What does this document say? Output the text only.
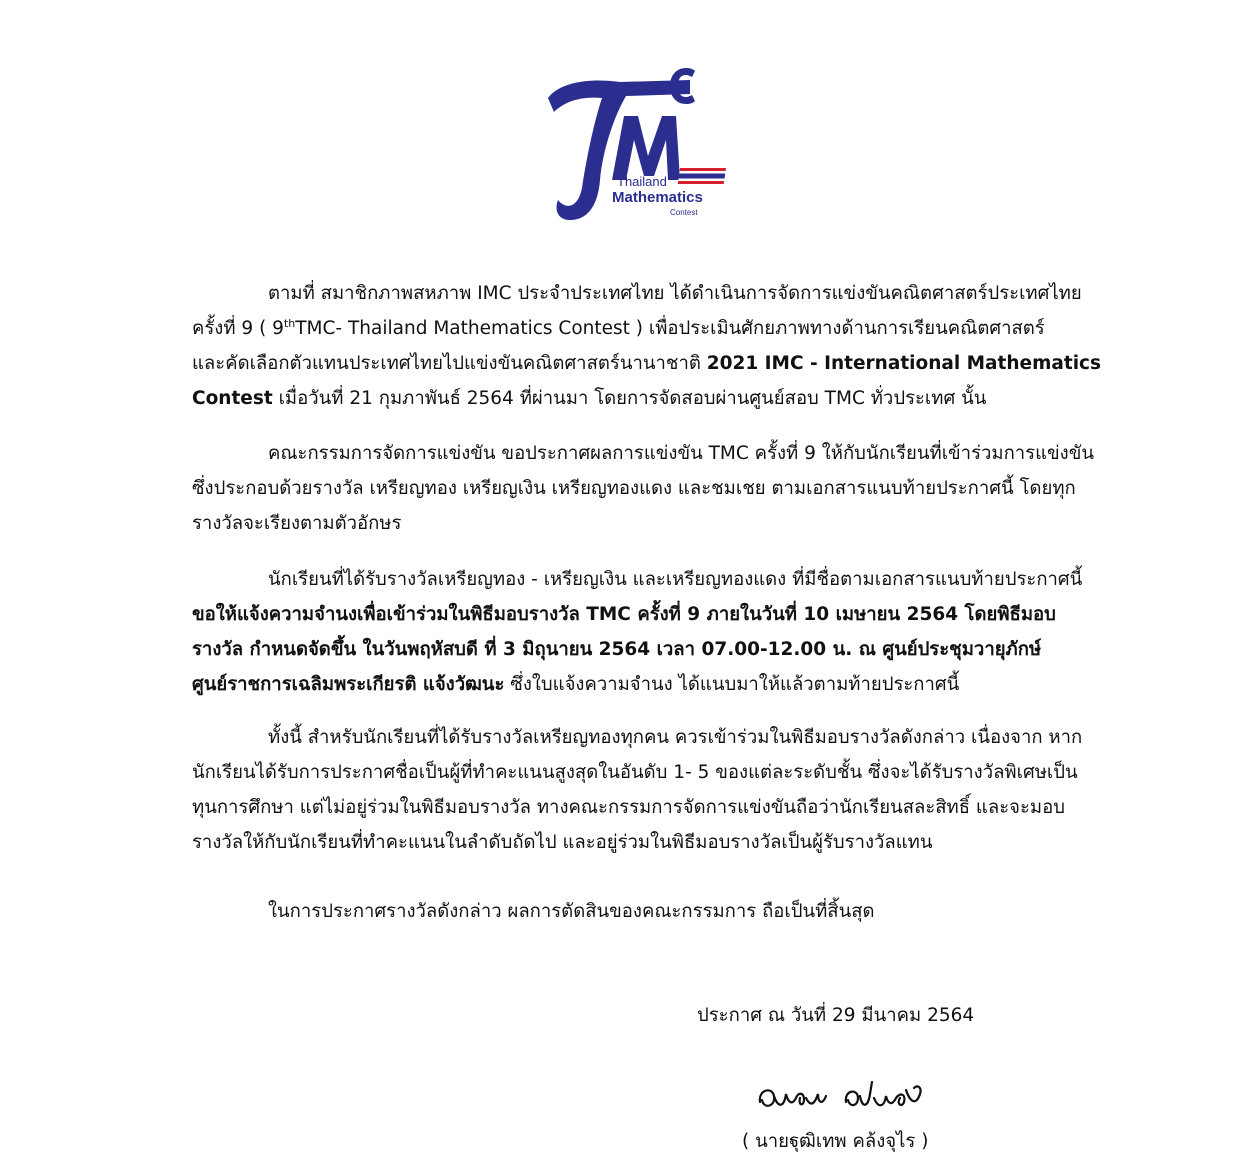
Thailand
Mathematics
Contest
ตามที่ สมาชิกภาพสหภาพ IMC ประจำประเทศไทย ได้ดำเนินการจัดการแข่งขันคณิตศาสตร์ประเทศไทย
ครั้งที่ 9 ( 9thTMC- Thailand Mathematics Contest ) เพื่อประเมินศักยภาพทางด้านการเรียนคณิตศาสตร์
และคัดเลือกตัวแทนประเทศไทยไปแข่งขันคณิตศาสตร์นานาชาติ 2021 IMC - International Mathematics
Contest เมื่อวันที่ 21 กุมภาพันธ์ 2564 ที่ผ่านมา โดยการจัดสอบผ่านศูนย์สอบ TMC ทั่วประเทศ นั้น
คณะกรรมการจัดการแข่งขัน ขอประกาศผลการแข่งขัน TMC ครั้งที่ 9 ให้กับนักเรียนที่เข้าร่วมการแข่งขัน
ซึ่งประกอบด้วยรางวัล เหรียญทอง เหรียญเงิน เหรียญทองแดง และชมเชย ตามเอกสารแนบท้ายประกาศนี้ โดยทุก
รางวัลจะเรียงตามตัวอักษร
นักเรียนที่ได้รับรางวัลเหรียญทอง - เหรียญเงิน และเหรียญทองแดง ที่มีชื่อตามเอกสารแนบท้ายประกาศนี้
ขอให้แจ้งความจำนงเพื่อเข้าร่วมในพิธีมอบรางวัล TMC ครั้งที่ 9 ภายในวันที่ 10 เมษายน 2564 โดยพิธีมอบ
รางวัล กำหนดจัดขึ้น ในวันพฤหัสบดี ที่ 3 มิถุนายน 2564 เวลา 07.00-12.00 น. ณ ศูนย์ประชุมวายุภักษ์
ศูนย์ราชการเฉลิมพระเกียรติ แจ้งวัฒนะ ซึ่งใบแจ้งความจำนง ได้แนบมาให้แล้วตามท้ายประกาศนี้
ทั้งนี้ สำหรับนักเรียนที่ได้รับรางวัลเหรียญทองทุกคน ควรเข้าร่วมในพิธีมอบรางวัลดังกล่าว เนื่องจาก หาก
นักเรียนได้รับการประกาศชื่อเป็นผู้ที่ทำคะแนนสูงสุดในอันดับ 1- 5 ของแต่ละระดับชั้น ซึ่งจะได้รับรางวัลพิเศษเป็น
ทุนการศึกษา แต่ไม่อยู่ร่วมในพิธีมอบรางวัล ทางคณะกรรมการจัดการแข่งขันถือว่านักเรียนสละสิทธิ์ และจะมอบ
รางวัลให้กับนักเรียนที่ทำคะแนนในลำดับถัดไป และอยู่ร่วมในพิธีมอบรางวัลเป็นผู้รับรางวัลแทน
ในการประกาศรางวัลดังกล่าว ผลการตัดสินของคณะกรรมการ ถือเป็นที่สิ้นสุด
ประกาศ ณ วันที่ 29 มีนาคม 2564
( นายฐุฒิเทพ คล้งจุไร )
